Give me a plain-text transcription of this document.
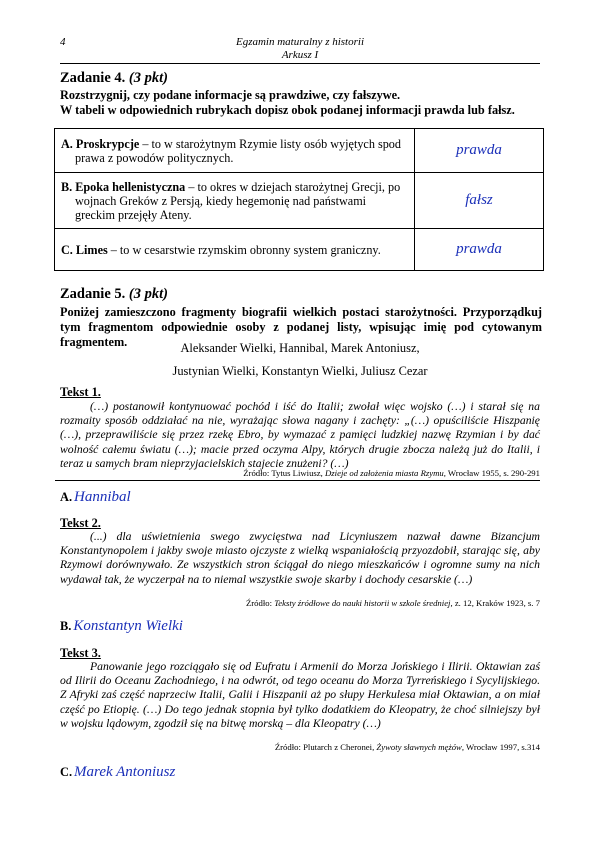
4	Egzamin maturalny z historii
Arkusz I
Zadanie 4. (3 pkt)
Rozstrzygnij, czy podane informacje są prawdziwe, czy fałszywe.
W tabeli w odpowiednich rubrykach dopisz obok podanej informacji prawda lub fałsz.
A. Proskrypcje – to w starożytnym Rzymie listy osób wyjętych spod prawa z powodów politycznych.	prawda

B. Epoka hellenistyczna – to okres w dziejach starożytnej Grecji, po wojnach Greków z Persją, kiedy hegemonię nad państwami greckim przejęły Ateny.	fałsz

C. Limes – to w cesarstwie rzymskim obronny system graniczny.	prawda
Zadanie 5. (3 pkt)
Poniżej zamieszczono fragmenty biografii wielkich postaci starożytności. Przyporządkuj tym fragmentom odpowiednie osoby z podanej listy, wpisując imię pod cytowanym fragmentem.	Aleksander Wielki, Hannibal, Marek Antoniusz,
Justynian Wielki, Konstantyn Wielki, Juliusz Cezar
Tekst 1.
(…) postanowił kontynuować pochód i iść do Italii; zwołał więc wojsko (…) i starał się na rozmaity sposób oddziałać na nie, wyrażając słowa nagany i zachęty: „(…) opuściliście Hiszpanię (…), przeprawiliście się przez rzekę Ebro, by wymazać z pamięci ludzkiej nazwę Rzymian i by dać wolność całemu światu (…); macie przed oczyma Alpy, których drugie zbocza należą już do Italii, i teraz u samych bram nieprzyjacielskich stajecie znużeni? (…)
Źródło: Tytus Liwiusz, Dzieje od założenia miasta Rzymu, Wrocław 1955, s. 290-291
A. Hannibal
Tekst 2.
(...) dla uświetnienia swego zwycięstwa nad Licyniuszem nazwał dawne Bizancjum Konstantynopolem i jakby swoje miasto ojczyste z wielką wspaniałością przyozdobił, starając się, aby Rzymowi dorównywało. Ze wszystkich stron ściągał do niego mieszkańców i ogromne sumy na nich wydawał tak, że wyczerpał na to niemal wszystkie swoje skarby i dochody cesarskie (…)
Źródło: Teksty źródłowe do nauki historii w szkole średniej, z. 12, Kraków 1923, s. 7
B. Konstantyn Wielki
Tekst 3.
Panowanie jego rozciągało się od Eufratu i Armenii do Morza Jońskiego i Ilirii. Oktawian zaś od Ilirii do Oceanu Zachodniego, i na odwrót, od tego oceanu do Morza Tyrreńskiego i Sycylijskiego. Z Afryki zaś część naprzeciw Italii, Galii i Hiszpanii aż po słupy Herkulesa miał Oktawian, a on miał część po Etiopię. (…) Do tego jednak stopnia był tylko dodatkiem do Kleopatry, że choć silniejszy był w wojsku lądowym, zgodził się na bitwę morską – dla Kleopatry (…)
Źródło: Plutarch z Cheronei, Żywoty sławnych mężów, Wrocław 1997, s.314
C. Marek Antoniusz
